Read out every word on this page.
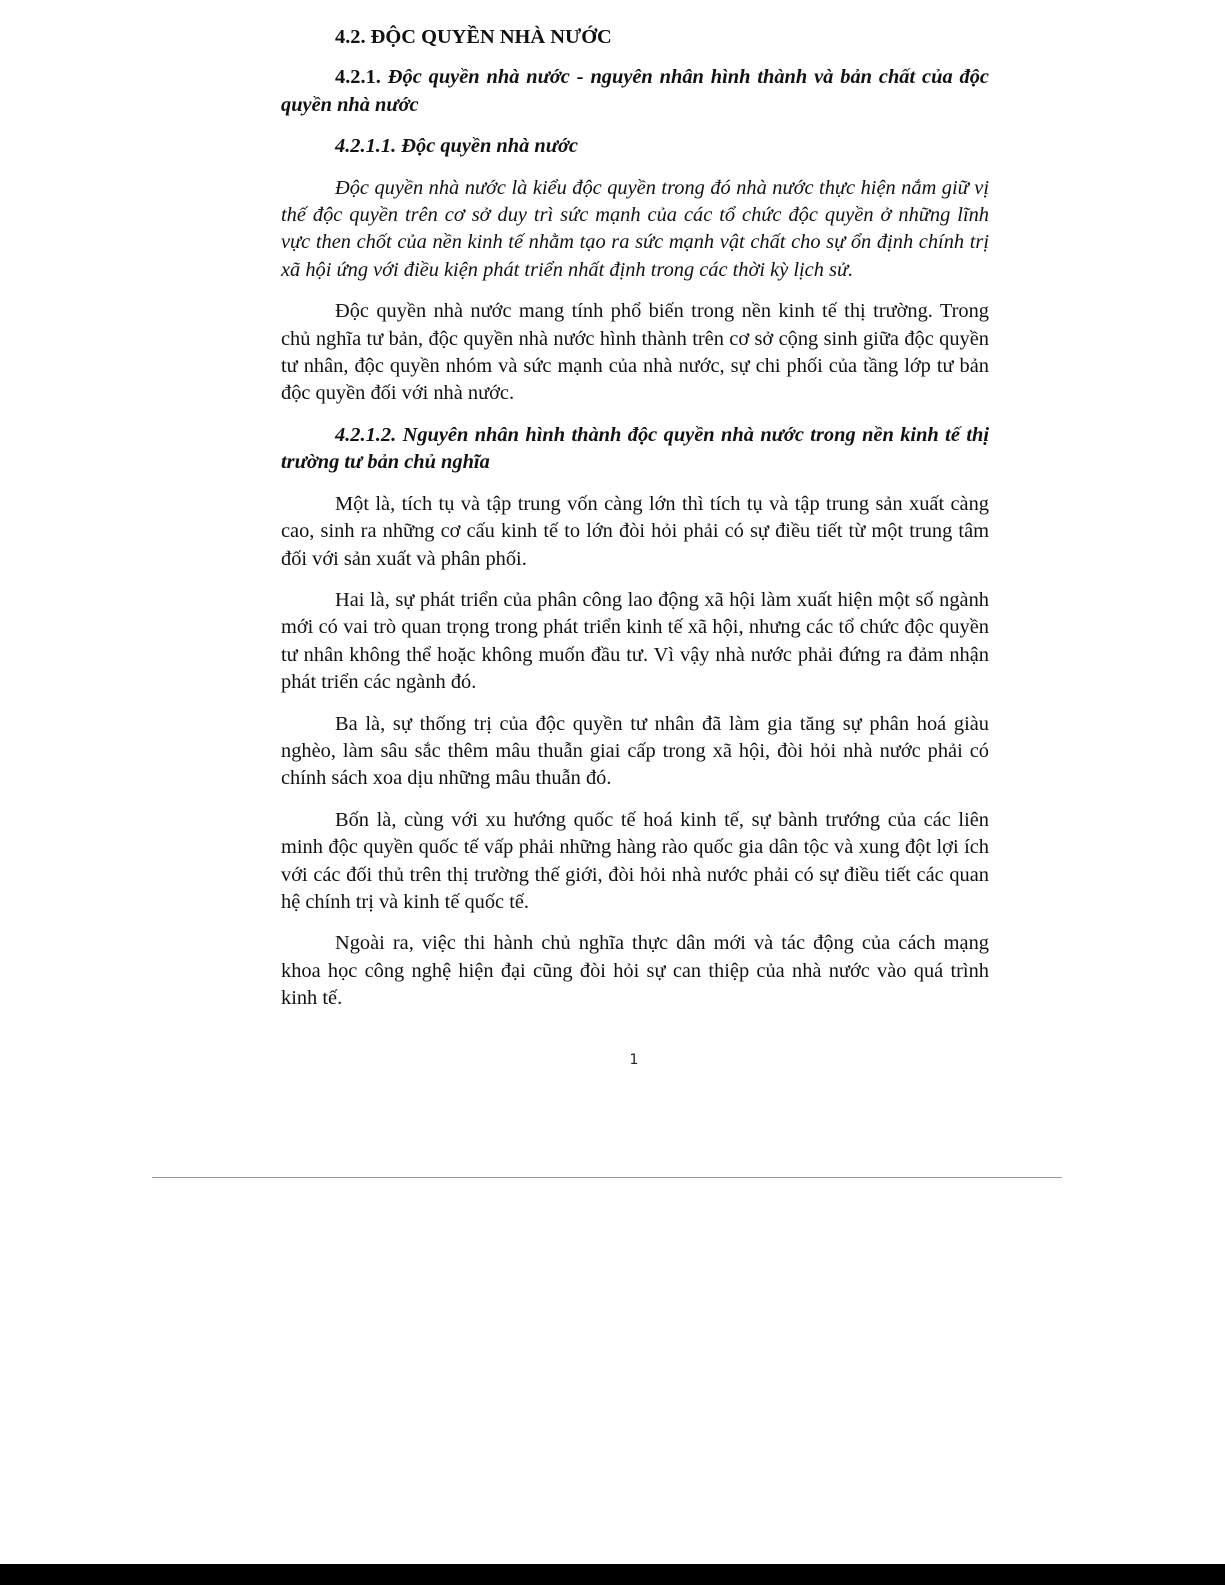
4.2. ĐỘC QUYỀN NHÀ NƯỚC
4.2.1. Độc quyền nhà nước - nguyên nhân hình thành và bản chất của độc quyền nhà nước
4.2.1.1. Độc quyền nhà nước

Độc quyền nhà nước là kiểu độc quyền trong đó nhà nước thực hiện nắm giữ vị thế độc quyền trên cơ sở duy trì sức mạnh của các tổ chức độc quyền ở những lĩnh vực then chốt của nền kinh tế nhằm tạo ra sức mạnh vật chất cho sự ổn định chính trị xã hội ứng với điều kiện phát triển nhất định trong các thời kỳ lịch sử.

Độc quyền nhà nước mang tính phổ biến trong nền kinh tế thị trường. Trong chủ nghĩa tư bản, độc quyền nhà nước hình thành trên cơ sở cộng sinh giữa độc quyền tư nhân, độc quyền nhóm và sức mạnh của nhà nước, sự chi phối của tầng lớp tư bản độc quyền đối với nhà nước.

4.2.1.2. Nguyên nhân hình thành độc quyền nhà nước trong nền kinh tế thị trường tư bản chủ nghĩa

Một là, tích tụ và tập trung vốn càng lớn thì tích tụ và tập trung sản xuất càng cao, sinh ra những cơ cấu kinh tế to lớn đòi hỏi phải có sự điều tiết từ một trung tâm đối với sản xuất và phân phối.

Hai là, sự phát triển của phân công lao động xã hội làm xuất hiện một số ngành mới có vai trò quan trọng trong phát triển kinh tế xã hội, nhưng các tổ chức độc quyền tư nhân không thể hoặc không muốn đầu tư. Vì vậy nhà nước phải đứng ra đảm nhận phát triển các ngành đó.

Ba là, sự thống trị của độc quyền tư nhân đã làm gia tăng sự phân hoá giàu nghèo, làm sâu sắc thêm mâu thuẫn giai cấp trong xã hội, đòi hỏi nhà nước phải có chính sách xoa dịu những mâu thuẫn đó.

Bốn là, cùng với xu hướng quốc tế hoá kinh tế, sự bành trướng của các liên minh độc quyền quốc tế vấp phải những hàng rào quốc gia dân tộc và xung đột lợi ích với các đối thủ trên thị trường thế giới, đòi hỏi nhà nước phải có sự điều tiết các quan hệ chính trị và kinh tế quốc tế.

Ngoài ra, việc thi hành chủ nghĩa thực dân mới và tác động của cách mạng khoa học công nghệ hiện đại cũng đòi hỏi sự can thiệp của nhà nước vào quá trình kinh tế.

1
